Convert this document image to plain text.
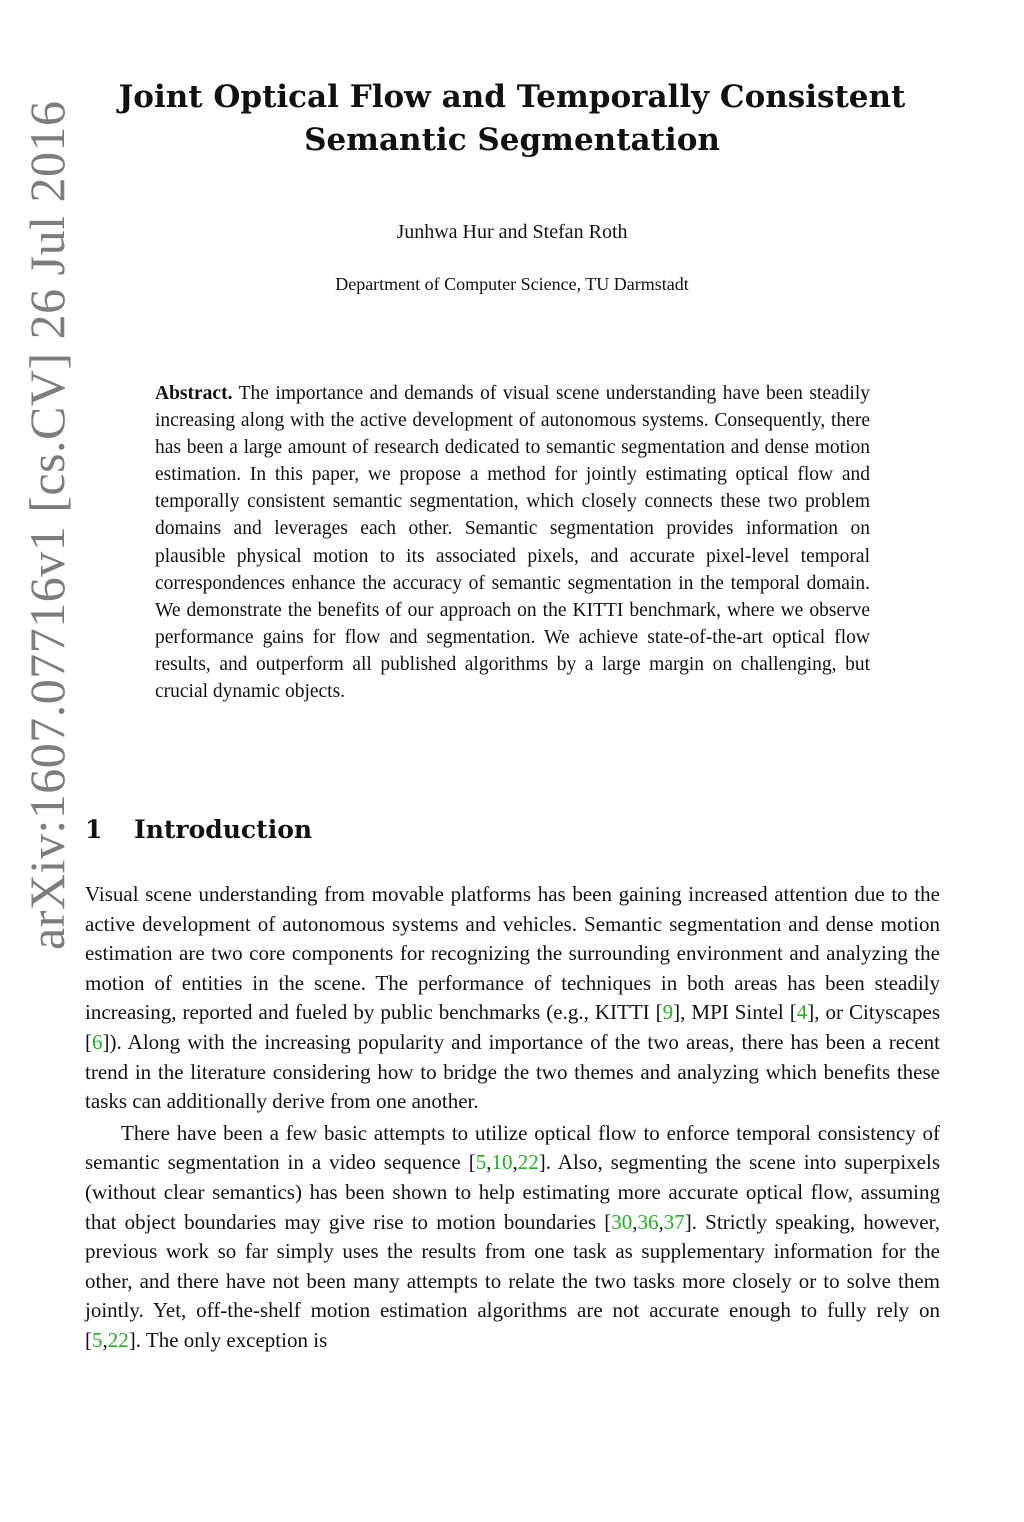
arXiv:1607.07716v1 [cs.CV] 26 Jul 2016
Joint Optical Flow and Temporally Consistent Semantic Segmentation
Junhwa Hur and Stefan Roth
Department of Computer Science, TU Darmstadt
Abstract. The importance and demands of visual scene understanding have been steadily increasing along with the active development of autonomous systems. Consequently, there has been a large amount of research dedicated to semantic segmentation and dense motion estimation. In this paper, we propose a method for jointly estimating optical flow and temporally consistent semantic segmentation, which closely connects these two problem domains and leverages each other. Semantic segmentation provides information on plausible physical motion to its associated pixels, and accurate pixel-level temporal correspondences enhance the accuracy of semantic segmentation in the temporal domain. We demonstrate the benefits of our approach on the KITTI benchmark, where we observe performance gains for flow and segmentation. We achieve state-of-the-art optical flow results, and outperform all published algorithms by a large margin on challenging, but crucial dynamic objects.
1 Introduction

Visual scene understanding from movable platforms has been gaining increased attention due to the active development of autonomous systems and vehicles. Semantic segmentation and dense motion estimation are two core components for recognizing the surrounding environment and analyzing the motion of entities in the scene. The performance of techniques in both areas has been steadily increasing, reported and fueled by public benchmarks (e.g., KITTI [9], MPI Sintel [4], or Cityscapes [6]). Along with the increasing popularity and importance of the two areas, there has been a recent trend in the literature considering how to bridge the two themes and analyzing which benefits these tasks can additionally derive from one another.

There have been a few basic attempts to utilize optical flow to enforce temporal consistency of semantic segmentation in a video sequence [5,10,22]. Also, segmenting the scene into superpixels (without clear semantics) has been shown to help estimating more accurate optical flow, assuming that object boundaries may give rise to motion boundaries [30,36,37]. Strictly speaking, however, previous work so far simply uses the results from one task as supplementary information for the other, and there have not been many attempts to relate the two tasks more closely or to solve them jointly. Yet, off-the-shelf motion estimation algorithms are not accurate enough to fully rely on [5,22]. The only exception is
